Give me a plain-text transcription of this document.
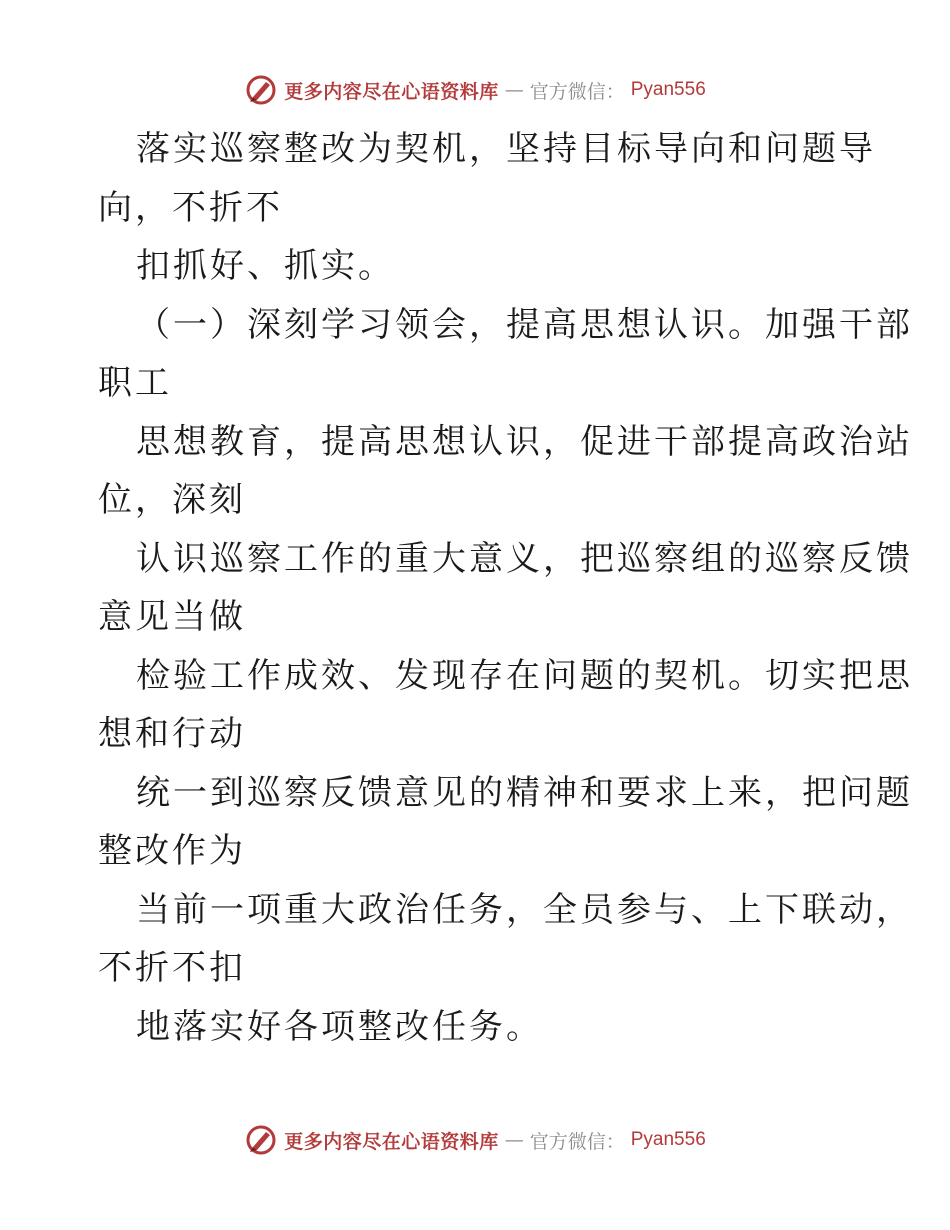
更多内容尽在心语资料库 — 官方微信： Pyan556
落实巡察整改为契机，坚持目标导向和问题导
向，不折不
扣抓好、抓实。
（一）深刻学习领会，提高思想认识。加强干部
职工
思想教育，提高思想认识，促进干部提高政治站
位，深刻
认识巡察工作的重大意义，把巡察组的巡察反馈
意见当做
检验工作成效、发现存在问题的契机。切实把思
想和行动
统一到巡察反馈意见的精神和要求上来，把问题
整改作为
当前一项重大政治任务，全员参与、上下联动，
不折不扣
地落实好各项整改任务。
更多内容尽在心语资料库 — 官方微信： Pyan556
